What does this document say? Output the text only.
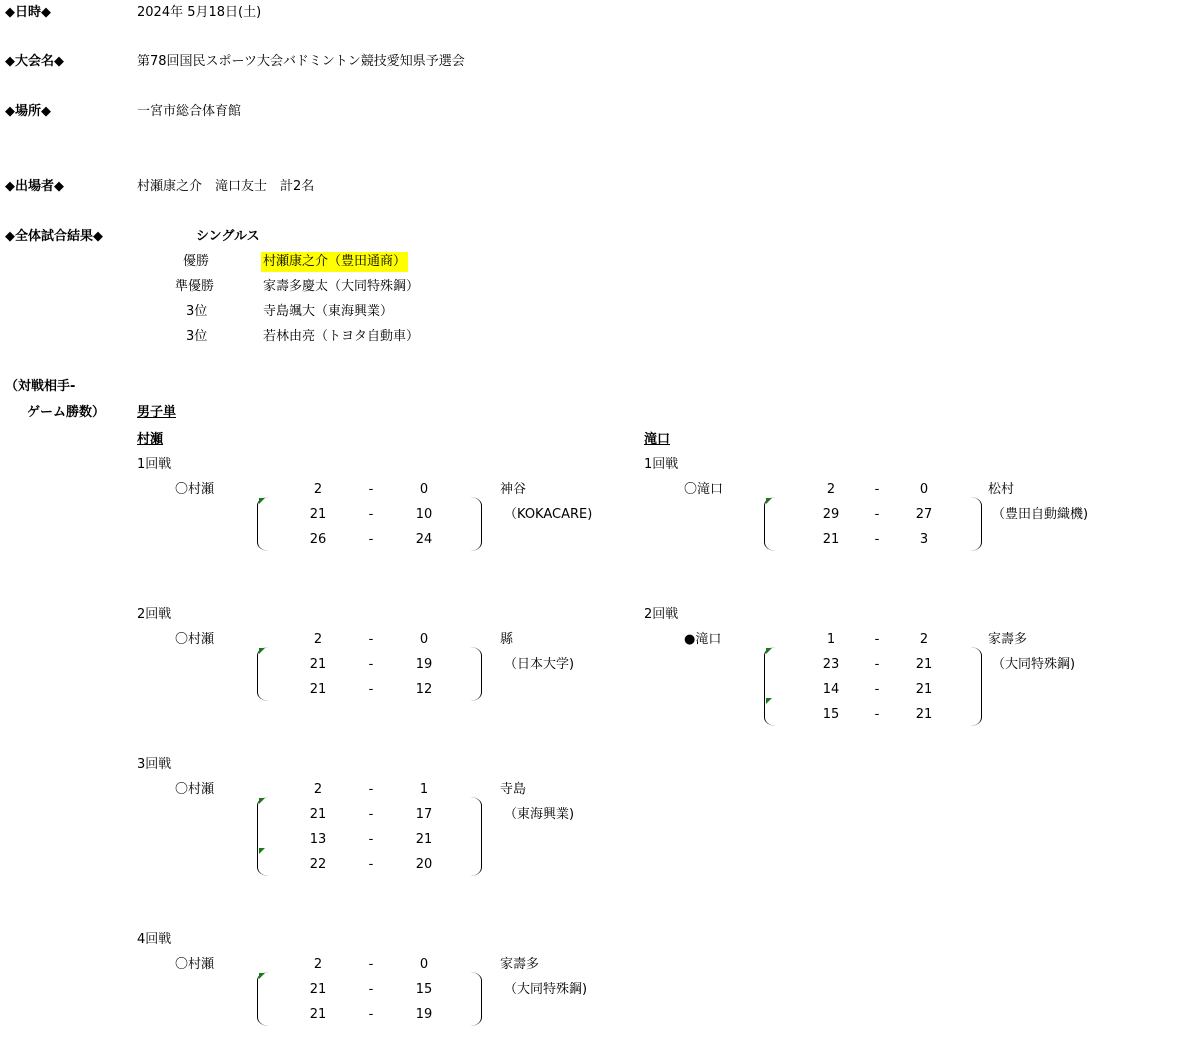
◆日時◆	2024年 5月18日(土)
◆大会名◆	第78回国民スポーツ大会バドミントン競技愛知県予選会
◆場所◆	一宮市総合体育館
◆出場者◆	村瀬康之介　滝口友士　計2名
◆全体試合結果◆	シングルス
優勝	村瀬康之介（豊田通商）
準優勝	家壽多慶太（大同特殊鋼）
3位	寺島颯大（東海興業）
3位	若林由亮（トヨタ自動車）
（対戦相手-
ゲーム勝数） 男子単
村瀬	滝口
1回戦
〇村瀬	2	-	0	神谷
（KOKACARE)
21	-	10
26	-	24
2回戦
〇村瀬	2	-	0	縣
（日本大学)
21	-	19
21	-	12
3回戦
〇村瀬	2	-	1	寺島
（東海興業)
21	-	17
13	-	21
22	-	20
4回戦
〇村瀬	2	-	0	家壽多
（大同特殊鋼)
21	-	15
21	-	19
1回戦
〇滝口	2	-	0	松村
（豊田自動織機)
29	-	27
21	-	3
2回戦
●滝口	1	-	2	家壽多
（大同特殊鋼)
23	-	21
14	-	21
15	-	21
